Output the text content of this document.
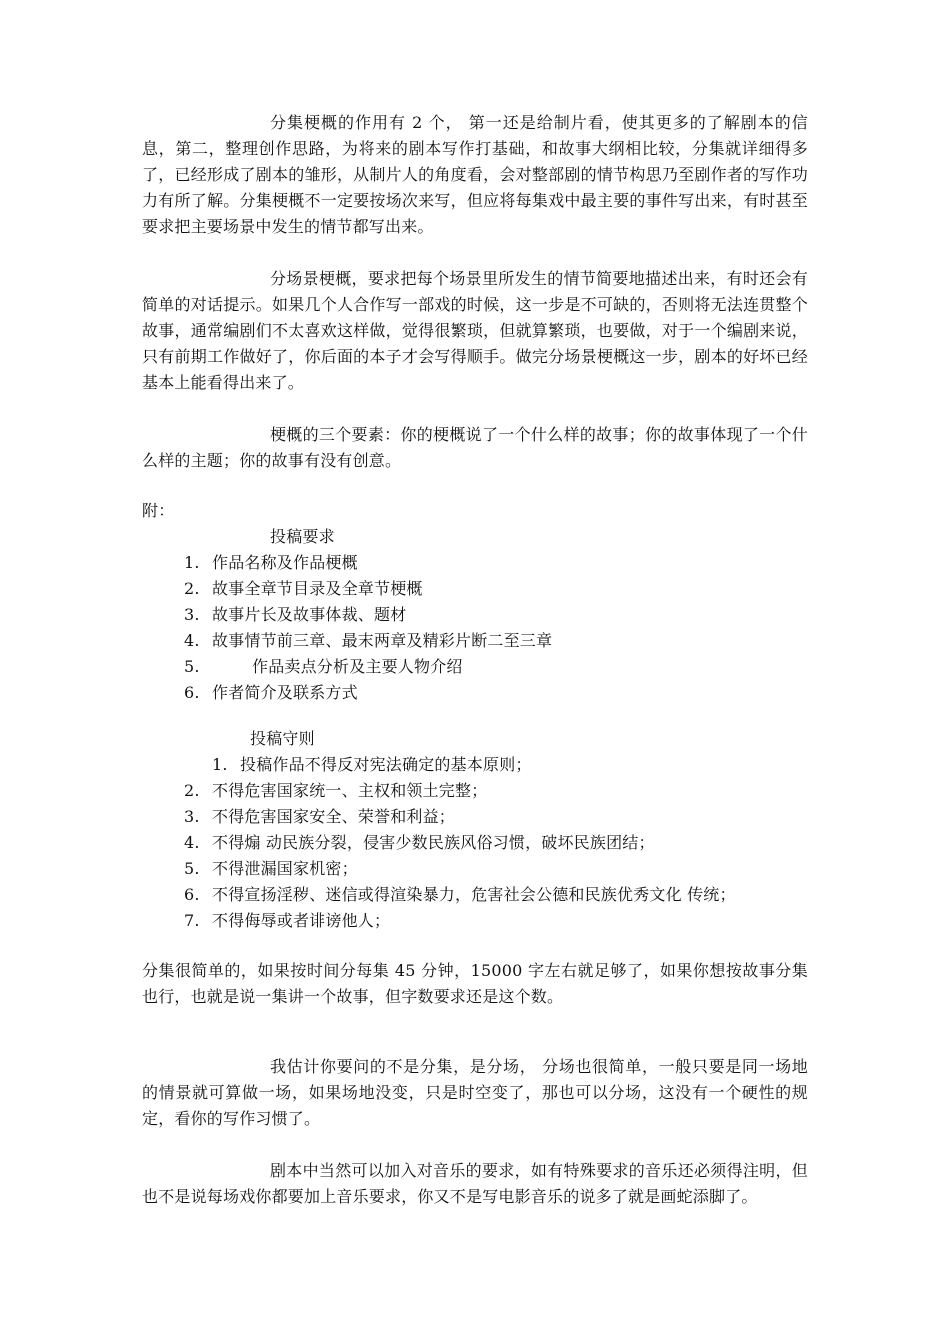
分集梗概的作用有 2 个， 第一还是给制片看，使其更多的了解剧本的信息，第二，整理创作思路，为将来的剧本写作打基础，和故事大纲相比较，分集就详细得多了，已经形成了剧本的雏形，从制片人的角度看，会对整部剧的情节构思乃至剧作者的写作功力有所了解。分集梗概不一定要按场次来写，但应将每集戏中最主要的事件写出来，有时甚至要求把主要场景中发生的情节都写出来。

分场景梗概，要求把每个场景里所发生的情节简要地描述出来，有时还会有简单的对话提示。如果几个人合作写一部戏的时候，这一步是不可缺的，否则将无法连贯整个故事，通常编剧们不太喜欢这样做，觉得很繁琐，但就算繁琐，也要做，对于一个编剧来说，只有前期工作做好了，你后面的本子才会写得顺手。做完分场景梗概这一步，剧本的好坏已经基本上能看得出来了。

梗概的三个要素：你的梗概说了一个什么样的故事；你的故事体现了一个什么样的主题；你的故事有没有创意。

附：

投稿要求

1. 作品名称及作品梗概
2. 故事全章节目录及全章节梗概
3. 故事片长及故事体裁、题材
4. 故事情节前三章、最末两章及精彩片断二至三章
5.	作品卖点分析及主要人物介绍
6. 作者简介及联系方式

投稿守则

1. 投稿作品不得反对宪法确定的基本原则；
2. 不得危害国家统一、主权和领土完整；
3. 不得危害国家安全、荣誉和利益；
4. 不得煽 动民族分裂，侵害少数民族风俗习惯，破坏民族团结；
5. 不得泄漏国家机密；
6. 不得宣扬淫秽、迷信或得渲染暴力，危害社会公德和民族优秀文化 传统；
7. 不得侮辱或者诽谤他人；

分集很简单的，如果按时间分每集 45 分钟，15000 字左右就足够了，如果你想按故事分集也行，也就是说一集讲一个故事，但字数要求还是这个数。

我估计你要问的不是分集，是分场， 分场也很简单，一般只要是同一场地的情景就可算做一场，如果场地没变，只是时空变了，那也可以分场，这没有一个硬性的规定，看你的写作习惯了。

剧本中当然可以加入对音乐的要求，如有特殊要求的音乐还必须得注明，但也不是说每场戏你都要加上音乐要求，你又不是写电影音乐的说多了就是画蛇添脚了。
